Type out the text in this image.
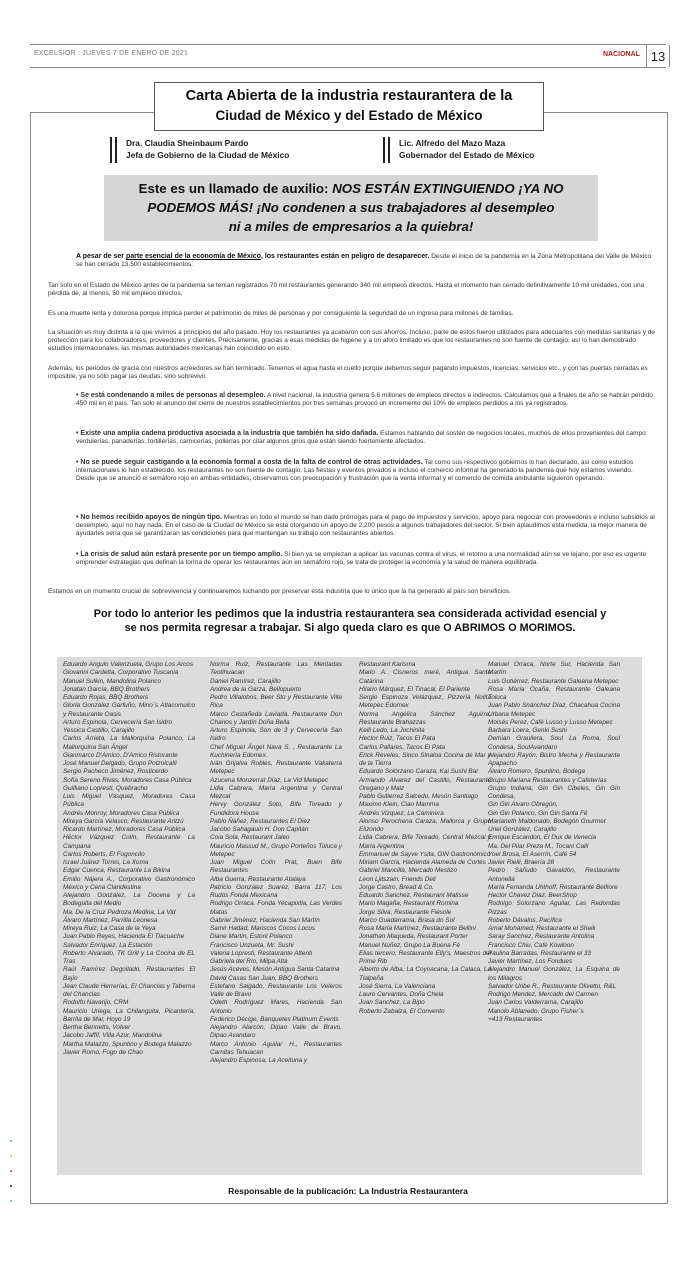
EXCELSIOR : JUEVES 7 DE ENERO DE 2021	NACIONAL 13
Carta Abierta de la industria restaurantera de la
Ciudad de México y del Estado de México
Dra. Claudia Sheinbaum Pardo
Jefa de Gobierno de la Ciudad de México
Lic. Alfredo del Mazo Maza
Gobernador del Estado de México
Este es un llamado de auxilio: NOS ESTÁN EXTINGUIENDO ¡YA NO
PODEMOS MÁS! ¡No condenen a sus trabajadores al desempleo
ni a miles de empresarios a la quiebra!
A pesar de ser parte esencial de la economía de México, los restaurantes están en peligro de desaparecer. Desde el inicio de la pandemia en la Zona Metropolitana del Valle de México se han cerrado 13,500 establecimientos.
Tan solo en el Estado de México antes de la pandemia se tenían registrados 70 mil restaurantes generando 340 mil empleos directos. Hasta el momento han cerrado definitivamente 10 mil unidades, con una pérdida de, al menos, 50 mil empleos directos.
Es una muerte lenta y dolorosa porque implica perder el patrimonio de miles de personas y por consiguiente la seguridad de un ingreso para millones de familias.
La situación es muy distinta a la que vivimos a principios del año pasado. Hoy los restaurantes ya acabaron con sus ahorros. Incluso, parte de estos fueron utilizados para adecuarlos con medidas sanitarias y de protección para los colaboradores, proveedores y clientes. Precisamente, gracias a esas medidas de higiene y a un aforo limitado es que los restaurantes no son fuente de contagio, así lo han demostrado estudios internacionales, las mismas autoridades mexicanas han coincidido en esto.
Además, los periodos de gracia con nuestros acreedores se han terminado. Tenemos el agua hasta el cuello porque debemos seguir pagando impuestos, licencias, servicios etc., y con las puertas cerradas es imposible, ya no sólo pagar las deudas, sino sobrevivir.
• Se está condenando a miles de personas al desempleo. A nivel nacional, la industria genera 5.6 millones de empleos directos e indirectos. Calculamos que a finales de año se habrán perdido 450 mil en el país. Tan solo el anuncio del cierre de nuestros establecimientos por tres semanas provocó un incremento del 10% de empleos perdidos a los ya registrados.
• Existe una amplia cadena productiva asociada a la industria que también ha sido dañada. Estamos hablando del sostén de negocios locales, muchos de ellos provenientes del campo: verdulerías, panaderías, tortillerías, carnicerías, pollerías por citar algunos giros que están siendo fuertemente afectados.
• No se puede seguir castigando a la economía formal a costa de la falta de control de otras actividades. Tal como sus respectivos gobiernos lo han declarado, así como estudios internacionales lo han establecido, los restaurantes no son fuente de contagio. Las fiestas y eventos privados e incluso el comercio informal ha generado la pandemia que hoy estamos viviendo.
Desde que se anunció el semáforo rojo en ambas entidades, observamos con preocupación y frustración que la venta informal y el comercio de comida ambulante siguieron operando.
• No hemos recibido apoyos de ningún tipo. Mientras en todo el mundo se han dado prórrogas para el pago de impuestos y servicios, apoyo para negociar con proveedores e incluso subsidios al desempleo, aquí no hay nada. En el caso de la Ciudad de México se está otorgando un apoyo de 2,200 pesos a algunos trabajadores del sector. Si bien aplaudimos esta medida, la mejor manera de ayudarles sería que se garantizaran las condiciones para que mantengan su trabajo con restaurantes abiertos.
• La crisis de salud aún estará presente por un tiempo amplio. Si bien ya se empiezan a aplicar las vacunas contra el virus, el retorno a una normalidad aún se ve lejano, por eso es urgente emprender estrategias que definan la forma de operar los restaurantes aún en semáforo rojo, se trata de proteger la economía y la salud de manera equilibrada.
Estamos en un momento crucial de sobrevivencia y continuaremos luchando por preservar esta industria que lo único que la ha generado al país son beneficios.
Por todo lo anterior les pedimos que la industria restaurantera sea considerada actividad esencial y
se nos permita regresar a trabajar. Si algo queda claro es que O ABRIMOS O MORIMOS.
Eduardo Angulo Valenzuela, Grupo Los Arcos
Giovanni Cardetta, Corporativo Tuscania
Manuel Sulkin, Mandolina Polanco
Jonatan García, BBQ Brothers
Eduardo Rojas, BBQ Brothers
Gloria González Garfuño, Mino´s Atlacomulco y Restaurante Oasis
Arturo Espinola, Cervecería San Isidro
Yessica Castillo, Carajillo
Carlos Arrieta, La Mallorquina Polanco, La Mallorquina San Ángel
Gianmarco D'Amico, D'Amico Ristorante
José Manuel Delgado, Grupo Potzolcalli
Sergio Pacheco Jiménez, Rosticerdo
Sofía Sereno Rivas, Moradores Casa Pública
Guilliano Lopresti, Quebracho
Luis Miguel Vásquez, Moradores Casa Pública
Andrés Monroy, Moradores Casa Pública
Mireya García Velasco, Restaurante Aritzú
Ricardo Martínez, Moradores Casa Pública
Héctor Vázquez Colín, Restaurante La Campana
Carlos Roberts, El Fogoncito
Israel Juárez Torres, La Xoma
Edgar Cuenca, Restaurante La Bikina
Emilio Nájera A., Corporativo Gastronómico México y Cena Clandestina
Alejandro González, La Docena y La Bodeguita del Medio
Ma. De la Cruz Pedroza Medina, La Vid
Álvaro Martínez, Parrilla Leonesa
Mireya Ruiz, La Casa de la Yeya
Juan Pablo Reyes, Hacienda El Tlacuache
Salvador Enríquez, La Estación
Roberto Alvarado, TK Grill y La Cocina de EL Tras
Raúl Ramírez Degollado, Restaurantes El Bajío
Jean Claude Herrerías, El Chanclas y Taberna del Chanclas
Rodolfo Navarijo, CRM
Mauricio Uriega, La Chilanguita, Picantería, Barrita de Mar, Hoyo 19
Bertha Bennetts, Volver
Jacobo Jaffif, Villa Azur, Mandolina
Martha Malazzo, Spuntino y Bodega Malazzo
Javier Romo, Fogo de Chao
Norma Ruiz, Restaurante Las Mentadas Teotihuacan
Daniel Ramírez, Carajillo
Andrea de la Garza, Bellopuerto
Pedro Villalobos, Beer Sto y Restaurante Villa Rica
Marco Castañeda Laviada, Restaurante Don Chanos y Jardín Doña Bella
Arturo Espinola, Son de 3 y Cervecería San Isidro
Chef Miguel Ángel Nava S. , Restaurante La Kuchinería Edomex.
Iván Grijalva Robles, Restaurante Vakaterra Metepec
Azucena Monzerrat Díaz, La Vid Metepec
Lidia Cabrera, María Argentina y Central Mezcal
Hervy González Soto, Bife Toreado y Fundidora House
Pablo Ñañez, Restaurantes El Diez
Jacobo Sahagauin H. Don Capitán
Coia Sola, Restaurant Jaleo
Mauricio Massud M., Grupo Porteños Toluca y Metepec
Juan Miguel Colín Prat, Buen Bife Restaurantes
Alba Guerra, Restaurante Atalaya
Patricio González Suarez, Barra 117, Los Rudos Fonda Mexicana
Rodrigo Orraca. Fonda Yecapixtla, Las Verdes Matas
Gabriel Jiménez, Hacienda San Martín
Samir Hadad, Mariscos Cocos Locos
Diane Martin, Estoril Polanco
Francisco Unzueta, Mr. Sushi
Valeria Lopresti, Restaurante Attenti
Gabriela del Río, Milpa Alta
Jesús Aceves, Mesón Antigua Santa Catarina
David Casas San Juan, BBQ Brothers
Estefano Salgado, Restaurante Los Veleros Valle de Bravo
Odeth Rodríguez Mares, Hacienda San Antonio
Federico Décige, Banquetes Platinum Events
Alejandro Alarcón, Dipao Valle de Bravo, Dipao Avandaro
Marco Antonio Aguilar H., Restaurantes Carnitas Tehuacan
Alejandro Espinosa, La Aceituna y
Restaurant Karisma
Mario A. Cisneros meré, Antigua Santa Catarina
Hilario Márquez, El Tinacal, El Pariente
Sergio Espinoza Velázquez, Pizzería Nolita Metepec Edomex
Norma Angélica Sánchez Aguirre, Restaurante Brahazzas
Kelli Ledo, La Jochinita
Hector Ruiz, Tacos El Pata
Carlos Pallares, Tacos El Pata
Erick Reveles, Sinco Sinaloa Cocina de Mar y de la Tierra
Eduardo Solórzano Caraza, Kai Sushi Bar
Armando Alvarez del Castillo, Restaurante Oregano y Maiz
Pablo Gutierrez Salcedo, Mesón Santiago
Maximo Klein, Ciao Mamma
Andrés Vizquez, La Caminera
Alonso Perochena Caraza, Mallorca y Grupo Elizondo
Lidia Cabrera, Bife Toreado, Central Mezcal y María Argentina
Emmanuel de Sayve Ysita, GIN Gastronómico
Miriam García, Hacienda Alameda de Cortés
Gabriel Mancilla, Mercado Mestizo
Leon Ljitszain, Friends Deli
Jorge Castro, Bread & Co.
Eduardo Sanchez, Restaurant Matisse
Mario Magaña, Restaurant Romina
Jorge Silva, Restaurante Fiesole
Marco Guadarrama, Brasa do Sol
Rosa María Martínez, Restaurante Bellini
Jonathan Maqueda, Restaurant Porter
Manuel Nuñez, Grupo La Buena Fé
Elias tercero, Restaurante Elly's, Maestros del Prime Rib
Alberto de Alba, La Coyoacana, La Calaca, La Tlalpeña
José Sierra, La Valenciana
Lauro Cervantes, Doña Chela
Juan Sanchez, La Bipo
Roberto Zabalza, El Convento
Manuel Orraca, Norte Sur, Hacienda San Martín
Luis Gutiérrez, Restaurante Galeana Metepec
Rosa María Ocaña, Restaurante Galeana Toluca
Juan Pablo Snánchez Díaz, Chacahua Cocina Urbana Metepec
Moisés Perez, Café Lusso y Lusso Metepec
Barbara Loera, Genki Sushi
Demian Graullera, Soul La Roma, Soul Condesa, SoulAvandaro
Alejandro Rayón, Bistro Mecha y Restaurante Apapacho
Álvaro Romero, Spuntino, Bodega
Grupo Mariana Restaurantes y Cafeterías
Grupo Indiana, Gin Gin Cibeles, Gin Gin Condesa,
Gin Gin Alvaro Obregón,
Gin Gin Polanco, Gin Gin Santa Fé
Marianeth Maldonado, Bodegón Gourmet
Uriel González, Carajillo
Enrique Escandon, El Dux de Venecia
Ma. Del Pilar Preza M., Tocani Calli
Yoel Brosa, El Aserrín, Café 54
Javier Rielli, Braería 28
Pedro Sañudo Gavaldón, Restaurante Antonella
María Fernanda Uhthoff, Restaurante Belfiore
Hector Chavez Diaz, BeerShop
Rodolgo Solorzano Aguilar, Las Redondas Pizzas
Roberto Dávalos, Pacífica
Amal Mohamed, Restaurante el Sheik
Saray Sanchez, Restaurante Antolina
Francisco Chiu, Café Kowloon
Paulina Barradas, Restaurante el 33
Javier Martínez, Los Fondues
Alejandro Manuel González, La Esquina de los Milagros
Salvador Uribe R., Restaurante Olivetto, R&L
Rodrigo Mendez, Mercado del Carmen
Juan Carlos Valderrama, Carajillo
Manolo Ablanedo, Grupo Fisher´s
+413 Restaurantes
Responsable de la publicación: La Industria Restaurantera
